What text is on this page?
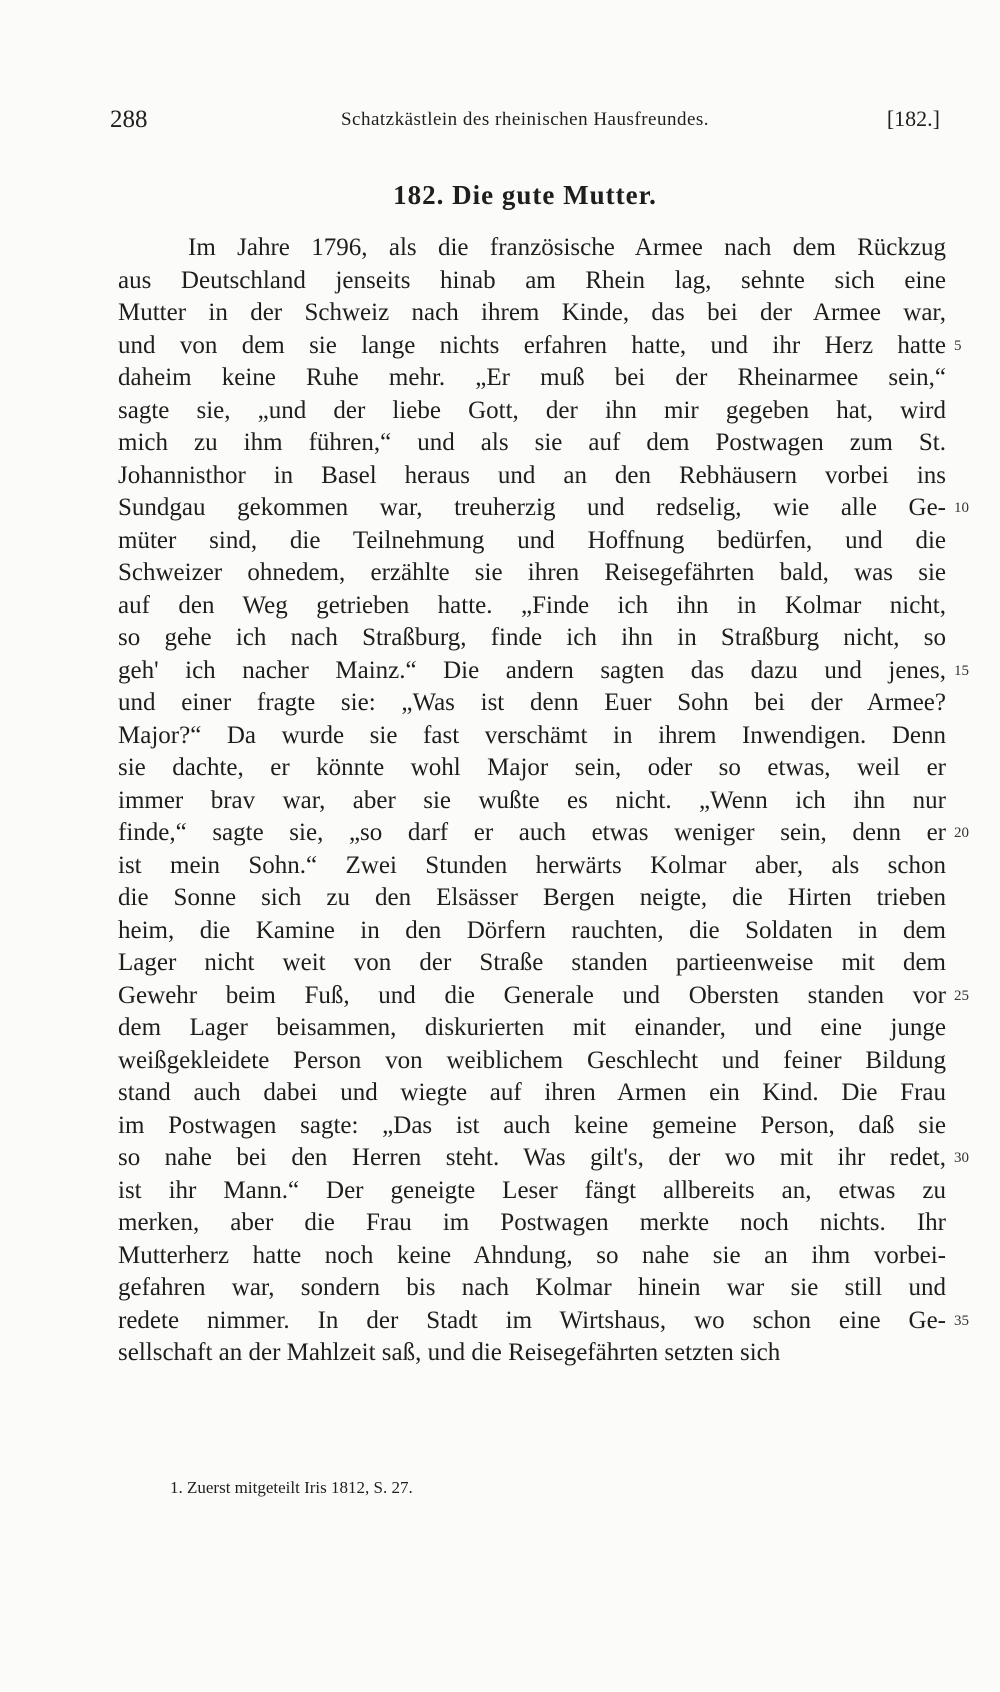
288	Schatzkästlein des rheinischen Hausfreundes.	[182.]
182. Die gute Mutter.
Im Jahre 1796, als die französische Armee nach dem Rückzug
aus Deutschland jenseits hinab am Rhein lag, sehnte sich eine
Mutter in der Schweiz nach ihrem Kinde, das bei der Armee war,
und von dem sie lange nichts erfahren hatte, und ihr Herz hatte 5
daheim keine Ruhe mehr. „Er muß bei der Rheinarmee sein,“
sagte sie, „und der liebe Gott, der ihn mir gegeben hat, wird
mich zu ihm führen,“ und als sie auf dem Postwagen zum St.
Johannisthor in Basel heraus und an den Rebhäusern vorbei ins
Sundgau gekommen war, treuherzig und redselig, wie alle Ge- 10
müter sind, die Teilnehmung und Hoffnung bedürfen, und die
Schweizer ohnedem, erzählte sie ihren Reisegefährten bald, was sie
auf den Weg getrieben hatte. „Finde ich ihn in Kolmar nicht,
so gehe ich nach Straßburg, finde ich ihn in Straßburg nicht, so
geh' ich nacher Mainz.“ Die andern sagten das dazu und jenes, 15
und einer fragte sie: „Was ist denn Euer Sohn bei der Armee?
Major?“ Da wurde sie fast verschämt in ihrem Inwendigen. Denn
sie dachte, er könnte wohl Major sein, oder so etwas, weil er
immer brav war, aber sie wußte es nicht. „Wenn ich ihn nur
finde,“ sagte sie, „so darf er auch etwas weniger sein, denn er 20
ist mein Sohn.“ Zwei Stunden herwärts Kolmar aber, als schon
die Sonne sich zu den Elsässer Bergen neigte, die Hirten trieben
heim, die Kamine in den Dörfern rauchten, die Soldaten in dem
Lager nicht weit von der Straße standen partieenweise mit dem
Gewehr beim Fuß, und die Generale und Obersten standen vor 25
dem Lager beisammen, diskurierten mit einander, und eine junge
weißgekleidete Person von weiblichem Geschlecht und feiner Bildung
stand auch dabei und wiegte auf ihren Armen ein Kind. Die Frau
im Postwagen sagte: „Das ist auch keine gemeine Person, daß sie
so nahe bei den Herren steht. Was gilt's, der wo mit ihr redet, 30
ist ihr Mann.“ Der geneigte Leser fängt allbereits an, etwas zu
merken, aber die Frau im Postwagen merkte noch nichts. Ihr
Mutterherz hatte noch keine Ahndung, so nahe sie an ihm vorbei-
gefahren war, sondern bis nach Kolmar hinein war sie still und
redete nimmer. In der Stadt im Wirtshaus, wo schon eine Ge- 35
sellschaft an der Mahlzeit saß, und die Reisegefährten setzten sich
1. Zuerst mitgeteilt Iris 1812, S. 27.
